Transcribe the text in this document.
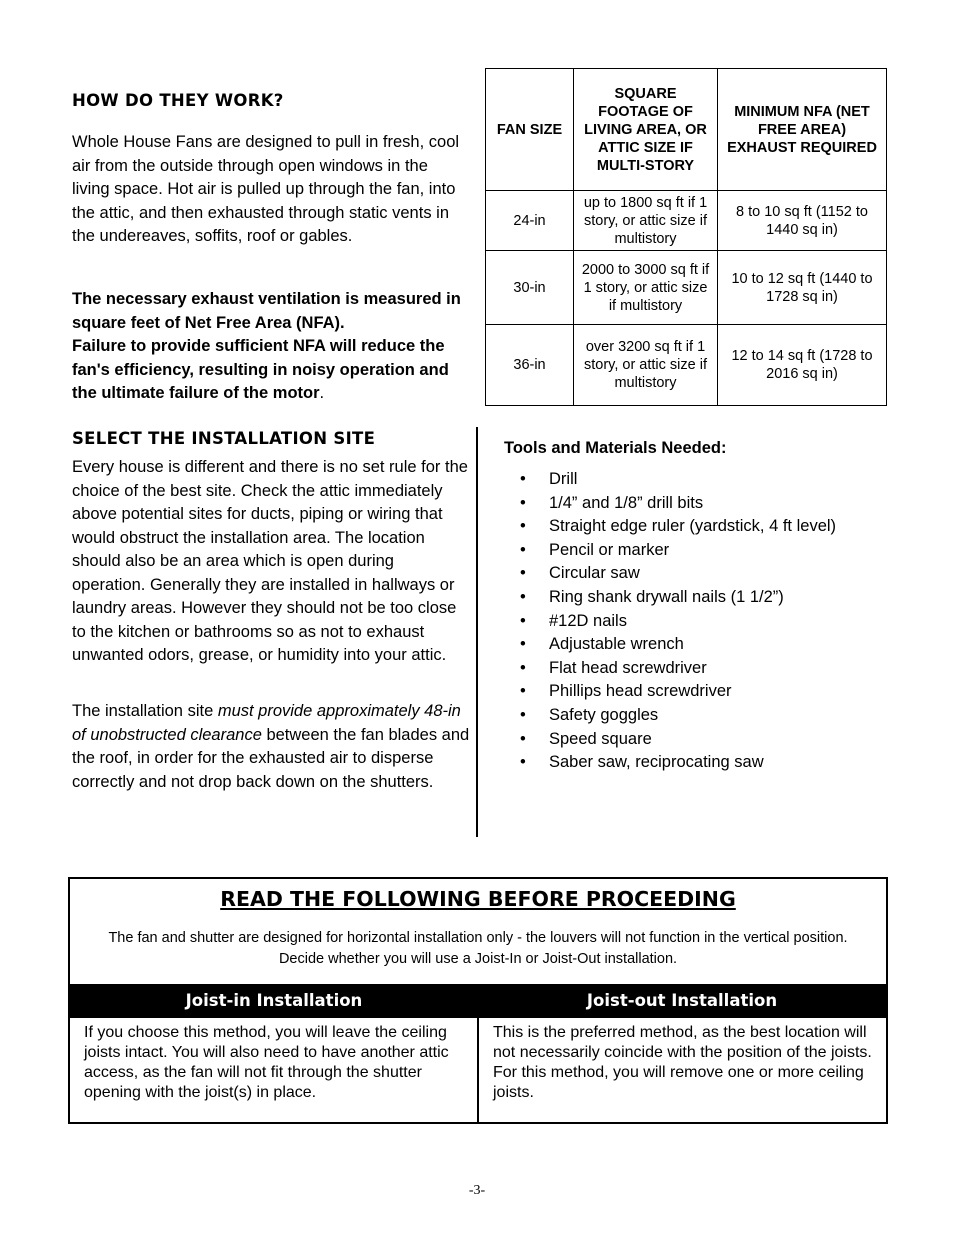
HOW DO THEY WORK?

Whole House Fans are designed to pull in fresh, cool air from the outside through open windows in the living space. Hot air is pulled up through the fan, into the attic, and then exhausted through static vents in the undereaves, soffits, roof or gables.

The necessary exhaust ventilation is measured in square feet of Net Free Area (NFA).
Failure to provide sufficient NFA will reduce the fan's efficiency, resulting in noisy operation and the ultimate failure of the motor.
FAN SIZE	SQUARE FOOTAGE OF LIVING AREA, OR ATTIC SIZE IF MULTI-STORY	MINIMUM NFA (NET FREE AREA) EXHAUST REQUIRED
24-in	up to 1800 sq ft if 1 story, or attic size if multistory	8 to 10 sq ft (1152 to 1440 sq in)
30-in	2000 to 3000 sq ft if 1 story, or attic size if multistory	10 to 12 sq ft (1440 to 1728 sq in)
36-in	over 3200 sq ft if 1 story, or attic size if multistory	12 to 14 sq ft (1728 to 2016 sq in)
SELECT THE INSTALLATION SITE

Every house is different and there is no set rule for the choice of the best site. Check the attic immediately above potential sites for ducts, piping or wiring that would obstruct the installation area. The location should also be an area which is open during operation. Generally they are installed in hallways or laundry areas. However they should not be too close to the kitchen or bathrooms so as not to exhaust unwanted odors, grease, or humidity into your attic.

The installation site must provide approximately 48-in of unobstructed clearance between the fan blades and the roof, in order for the exhausted air to disperse correctly and not drop back down on the shutters.

Tools and Materials Needed:
• Drill
• 1/4” and 1/8” drill bits
• Straight edge ruler (yardstick, 4 ft level)
• Pencil or marker
• Circular saw
• Ring shank drywall nails (1 1/2”)
• #12D nails
• Adjustable wrench
• Flat head screwdriver
• Phillips head screwdriver
• Safety goggles
• Speed square
• Saber saw, reciprocating saw
READ THE FOLLOWING BEFORE PROCEEDING
The fan and shutter are designed for horizontal installation only - the louvers will not function in the vertical position. Decide whether you will use a Joist-In or Joist-Out installation.
Joist-in Installation	Joist-out Installation
If you choose this method, you will leave the ceiling joists intact. You will also need to have another attic access, as the fan will not fit through the shutter opening with the joist(s) in place.
This is the preferred method, as the best location will not necessarily coincide with the position of the joists. For this method, you will remove one or more ceiling joists.
-3-
